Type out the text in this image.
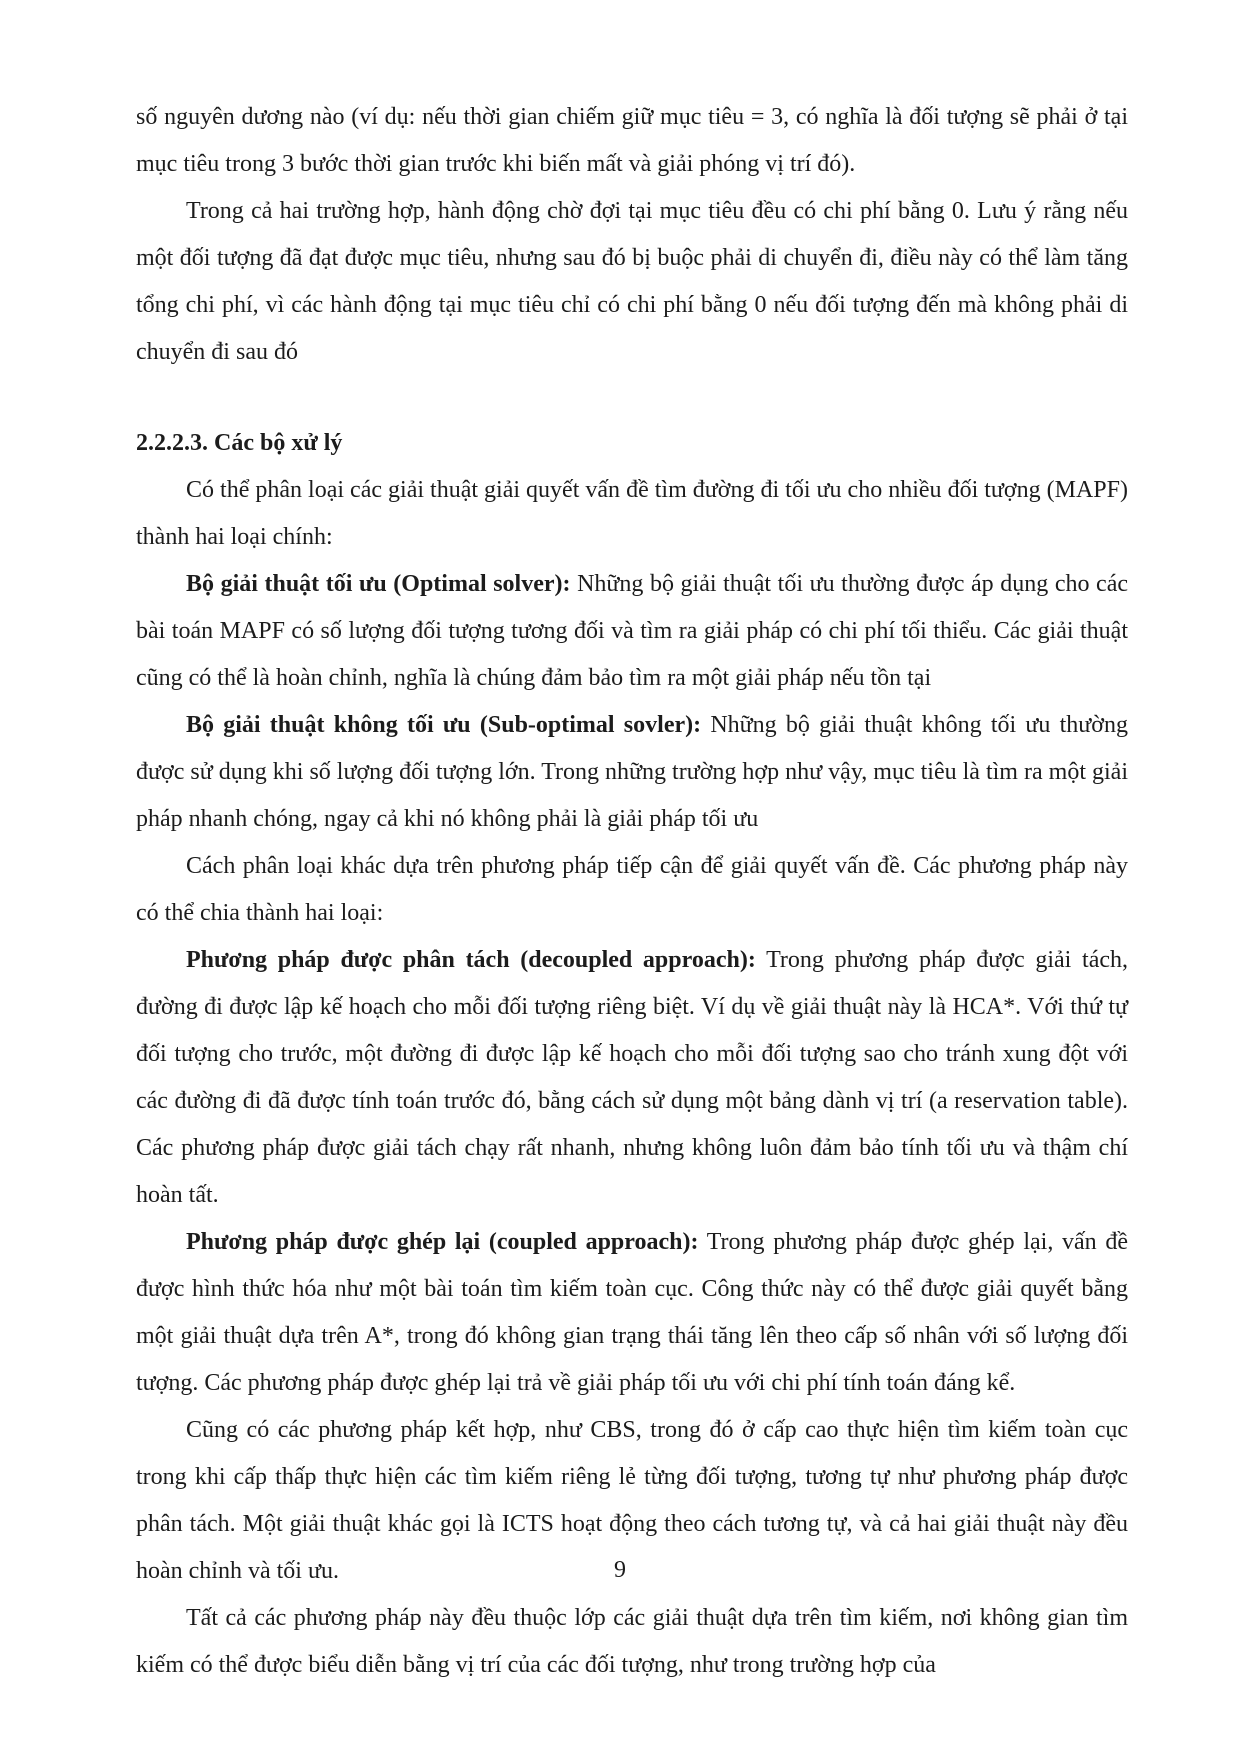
số nguyên dương nào (ví dụ: nếu thời gian chiếm giữ mục tiêu = 3, có nghĩa là đối tượng sẽ phải ở tại mục tiêu trong 3 bước thời gian trước khi biến mất và giải phóng vị trí đó).

Trong cả hai trường hợp, hành động chờ đợi tại mục tiêu đều có chi phí bằng 0. Lưu ý rằng nếu một đối tượng đã đạt được mục tiêu, nhưng sau đó bị buộc phải di chuyển đi, điều này có thể làm tăng tổng chi phí, vì các hành động tại mục tiêu chỉ có chi phí bằng 0 nếu đối tượng đến mà không phải di chuyển đi sau đó

2.2.2.3. Các bộ xử lý

Có thể phân loại các giải thuật giải quyết vấn đề tìm đường đi tối ưu cho nhiều đối tượng (MAPF) thành hai loại chính:

Bộ giải thuật tối ưu (Optimal solver): Những bộ giải thuật tối ưu thường được áp dụng cho các bài toán MAPF có số lượng đối tượng tương đối và tìm ra giải pháp có chi phí tối thiểu. Các giải thuật cũng có thể là hoàn chỉnh, nghĩa là chúng đảm bảo tìm ra một giải pháp nếu tồn tại

Bộ giải thuật không tối ưu (Sub-optimal sovler): Những bộ giải thuật không tối ưu thường được sử dụng khi số lượng đối tượng lớn. Trong những trường hợp như vậy, mục tiêu là tìm ra một giải pháp nhanh chóng, ngay cả khi nó không phải là giải pháp tối ưu

Cách phân loại khác dựa trên phương pháp tiếp cận để giải quyết vấn đề. Các phương pháp này có thể chia thành hai loại:

Phương pháp được phân tách (decoupled approach): Trong phương pháp được giải tách, đường đi được lập kế hoạch cho mỗi đối tượng riêng biệt. Ví dụ về giải thuật này là HCA*. Với thứ tự đối tượng cho trước, một đường đi được lập kế hoạch cho mỗi đối tượng sao cho tránh xung đột với các đường đi đã được tính toán trước đó, bằng cách sử dụng một bảng dành vị trí (a reservation table). Các phương pháp được giải tách chạy rất nhanh, nhưng không luôn đảm bảo tính tối ưu và thậm chí hoàn tất.

Phương pháp được ghép lại (coupled approach): Trong phương pháp được ghép lại, vấn đề được hình thức hóa như một bài toán tìm kiếm toàn cục. Công thức này có thể được giải quyết bằng một giải thuật dựa trên A*, trong đó không gian trạng thái tăng lên theo cấp số nhân với số lượng đối tượng. Các phương pháp được ghép lại trả về giải pháp tối ưu với chi phí tính toán đáng kể.

Cũng có các phương pháp kết hợp, như CBS, trong đó ở cấp cao thực hiện tìm kiếm toàn cục trong khi cấp thấp thực hiện các tìm kiếm riêng lẻ từng đối tượng, tương tự như phương pháp được phân tách. Một giải thuật khác gọi là ICTS hoạt động theo cách tương tự, và cả hai giải thuật này đều hoàn chỉnh và tối ưu.

Tất cả các phương pháp này đều thuộc lớp các giải thuật dựa trên tìm kiếm, nơi không gian tìm kiếm có thể được biểu diễn bằng vị trí của các đối tượng, như trong trường hợp của

9
